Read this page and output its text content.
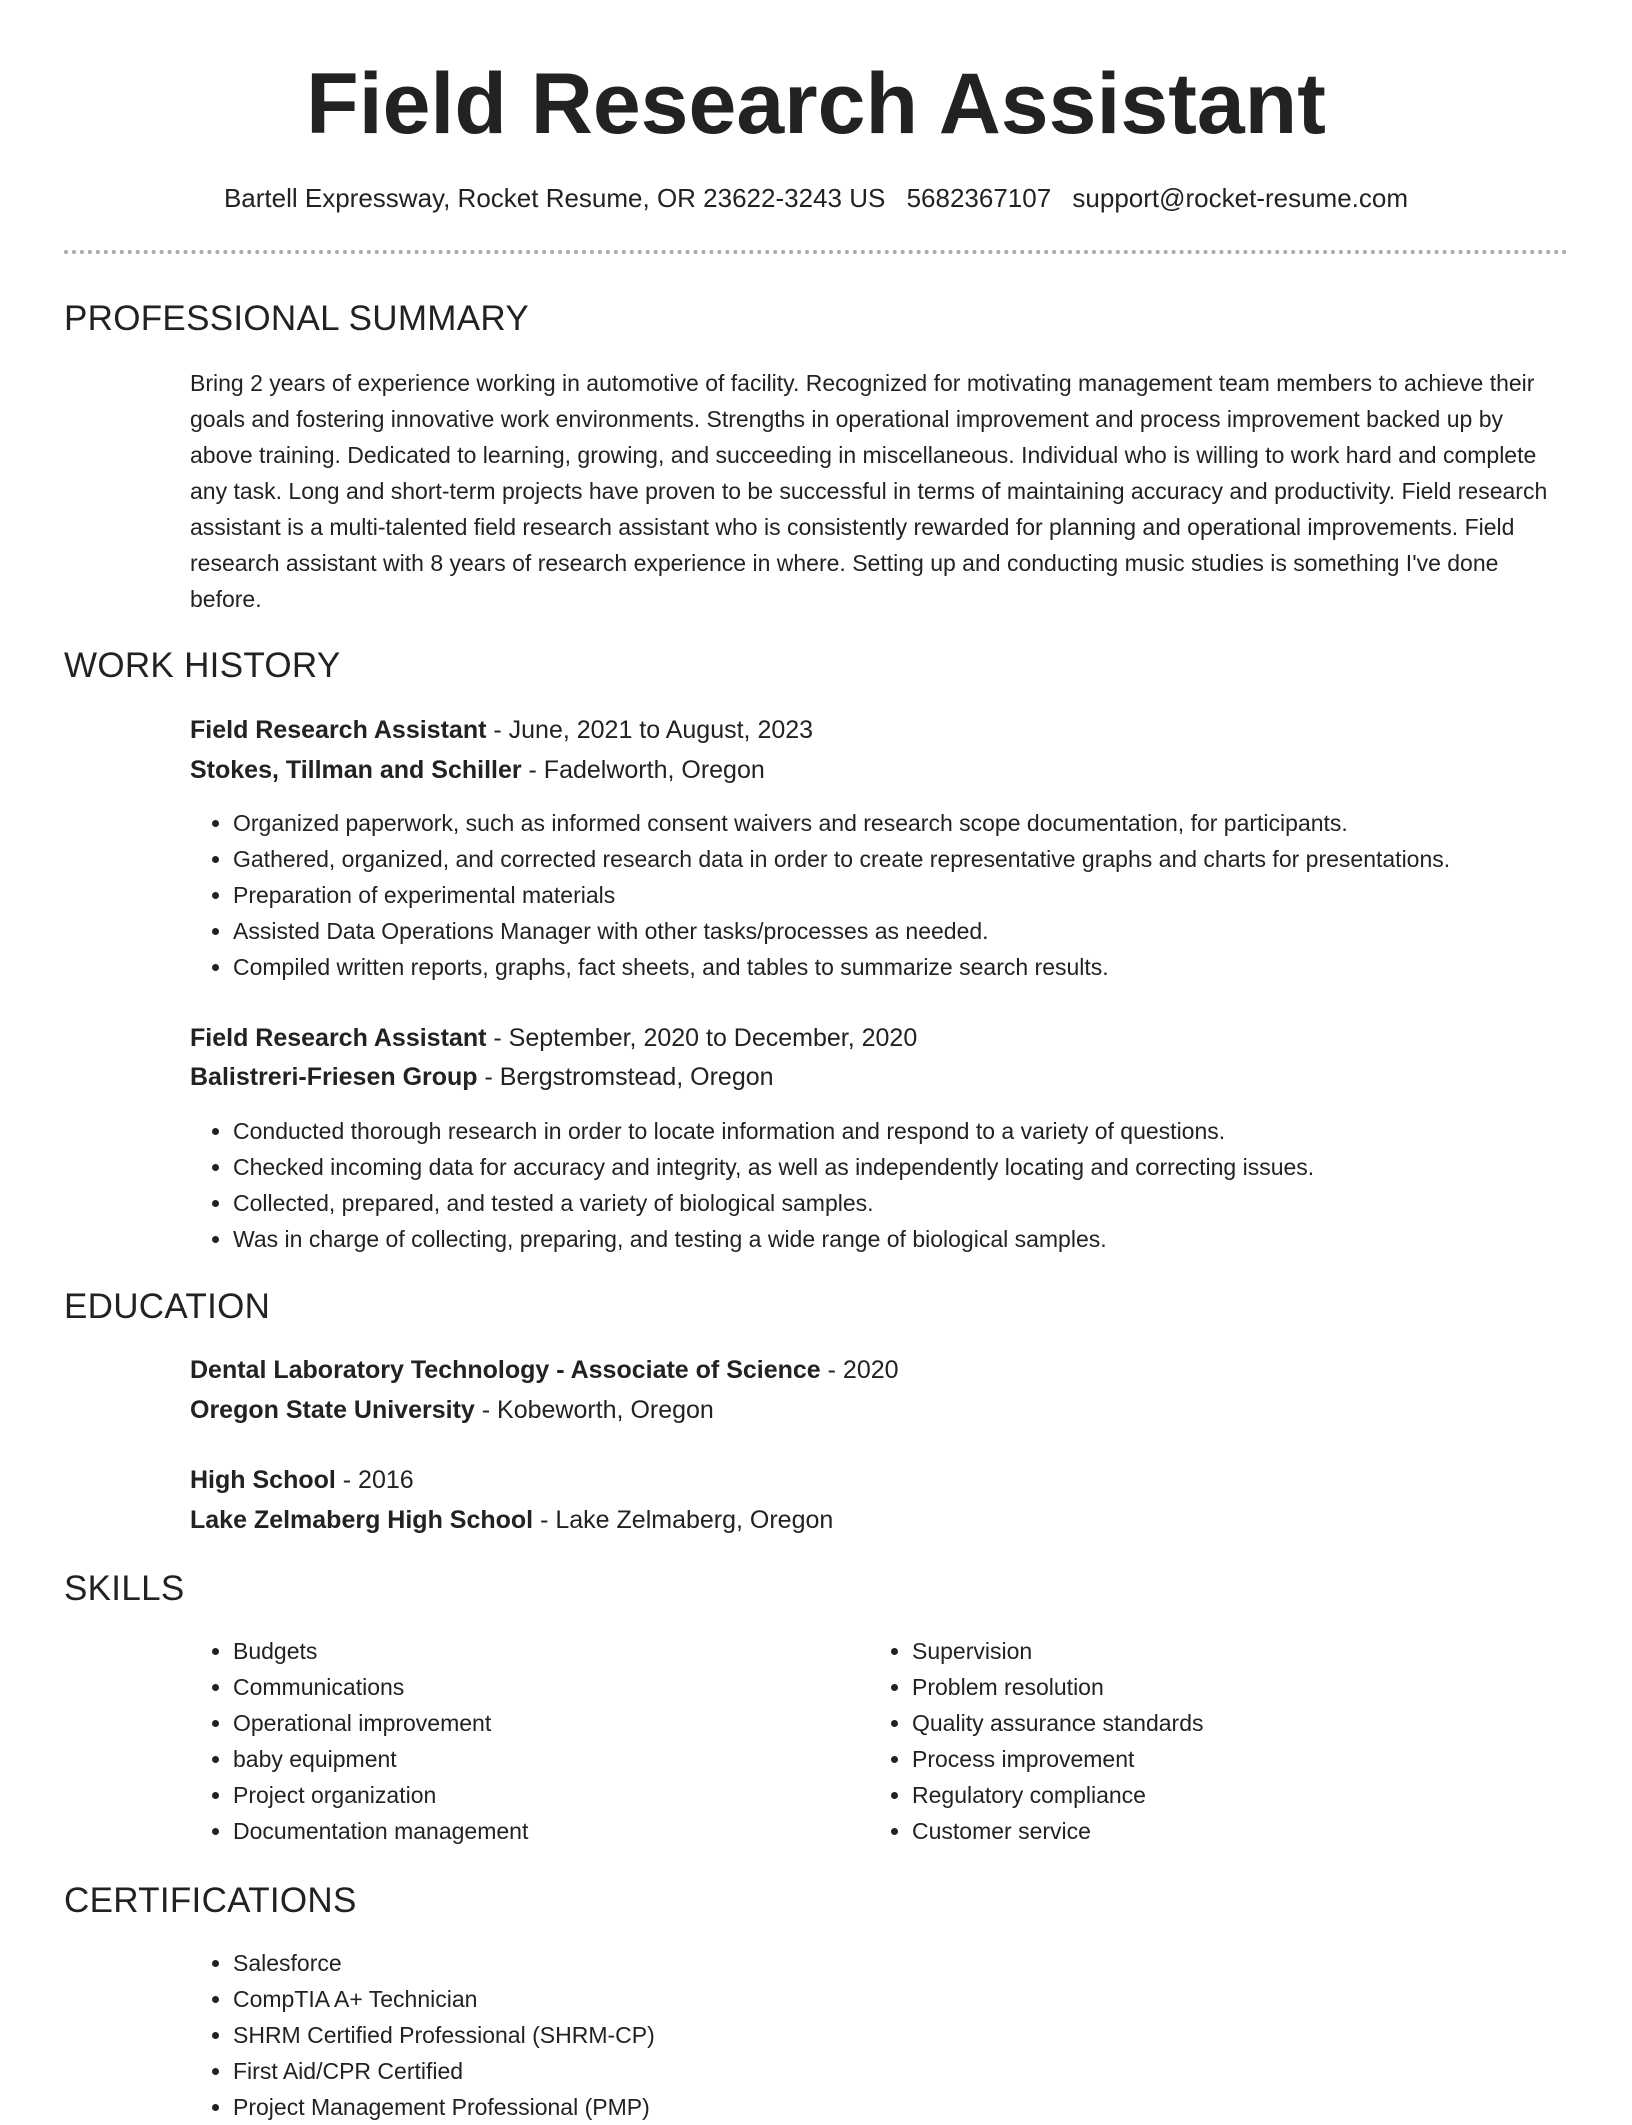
Field Research Assistant
Bartell Expressway, Rocket Resume, OR 23622-3243 US 5682367107 support@rocket-resume.com
PROFESSIONAL SUMMARY

Bring 2 years of experience working in automotive of facility. Recognized for motivating management team members to achieve their goals and fostering innovative work environments. Strengths in operational improvement and process improvement backed up by above training. Dedicated to learning, growing, and succeeding in miscellaneous. Individual who is willing to work hard and complete any task. Long and short-term projects have proven to be successful in terms of maintaining accuracy and productivity. Field research assistant is a multi-talented field research assistant who is consistently rewarded for planning and operational improvements. Field research assistant with 8 years of research experience in where. Setting up and conducting music studies is something I've done before.

WORK HISTORY
Field Research Assistant - June, 2021 to August, 2023
Stokes, Tillman and Schiller - Fadelworth, Oregon
• Organized paperwork, such as informed consent waivers and research scope documentation, for participants.
• Gathered, organized, and corrected research data in order to create representative graphs and charts for presentations.
• Preparation of experimental materials
• Assisted Data Operations Manager with other tasks/processes as needed.
• Compiled written reports, graphs, fact sheets, and tables to summarize search results.
Field Research Assistant - September, 2020 to December, 2020
Balistreri-Friesen Group - Bergstromstead, Oregon
• Conducted thorough research in order to locate information and respond to a variety of questions.
• Checked incoming data for accuracy and integrity, as well as independently locating and correcting issues.
• Collected, prepared, and tested a variety of biological samples.
• Was in charge of collecting, preparing, and testing a wide range of biological samples.
EDUCATION
Dental Laboratory Technology - Associate of Science - 2020
Oregon State University - Kobeworth, Oregon
High School - 2016
Lake Zelmaberg High School - Lake Zelmaberg, Oregon
SKILLS
• Budgets
• Communications
• Operational improvement
• baby equipment
• Project organization
• Documentation management
• Supervision
• Problem resolution
• Quality assurance standards
• Process improvement
• Regulatory compliance
• Customer service
CERTIFICATIONS
• Salesforce
• CompTIA A+ Technician
• SHRM Certified Professional (SHRM-CP)
• First Aid/CPR Certified
• Project Management Professional (PMP)
